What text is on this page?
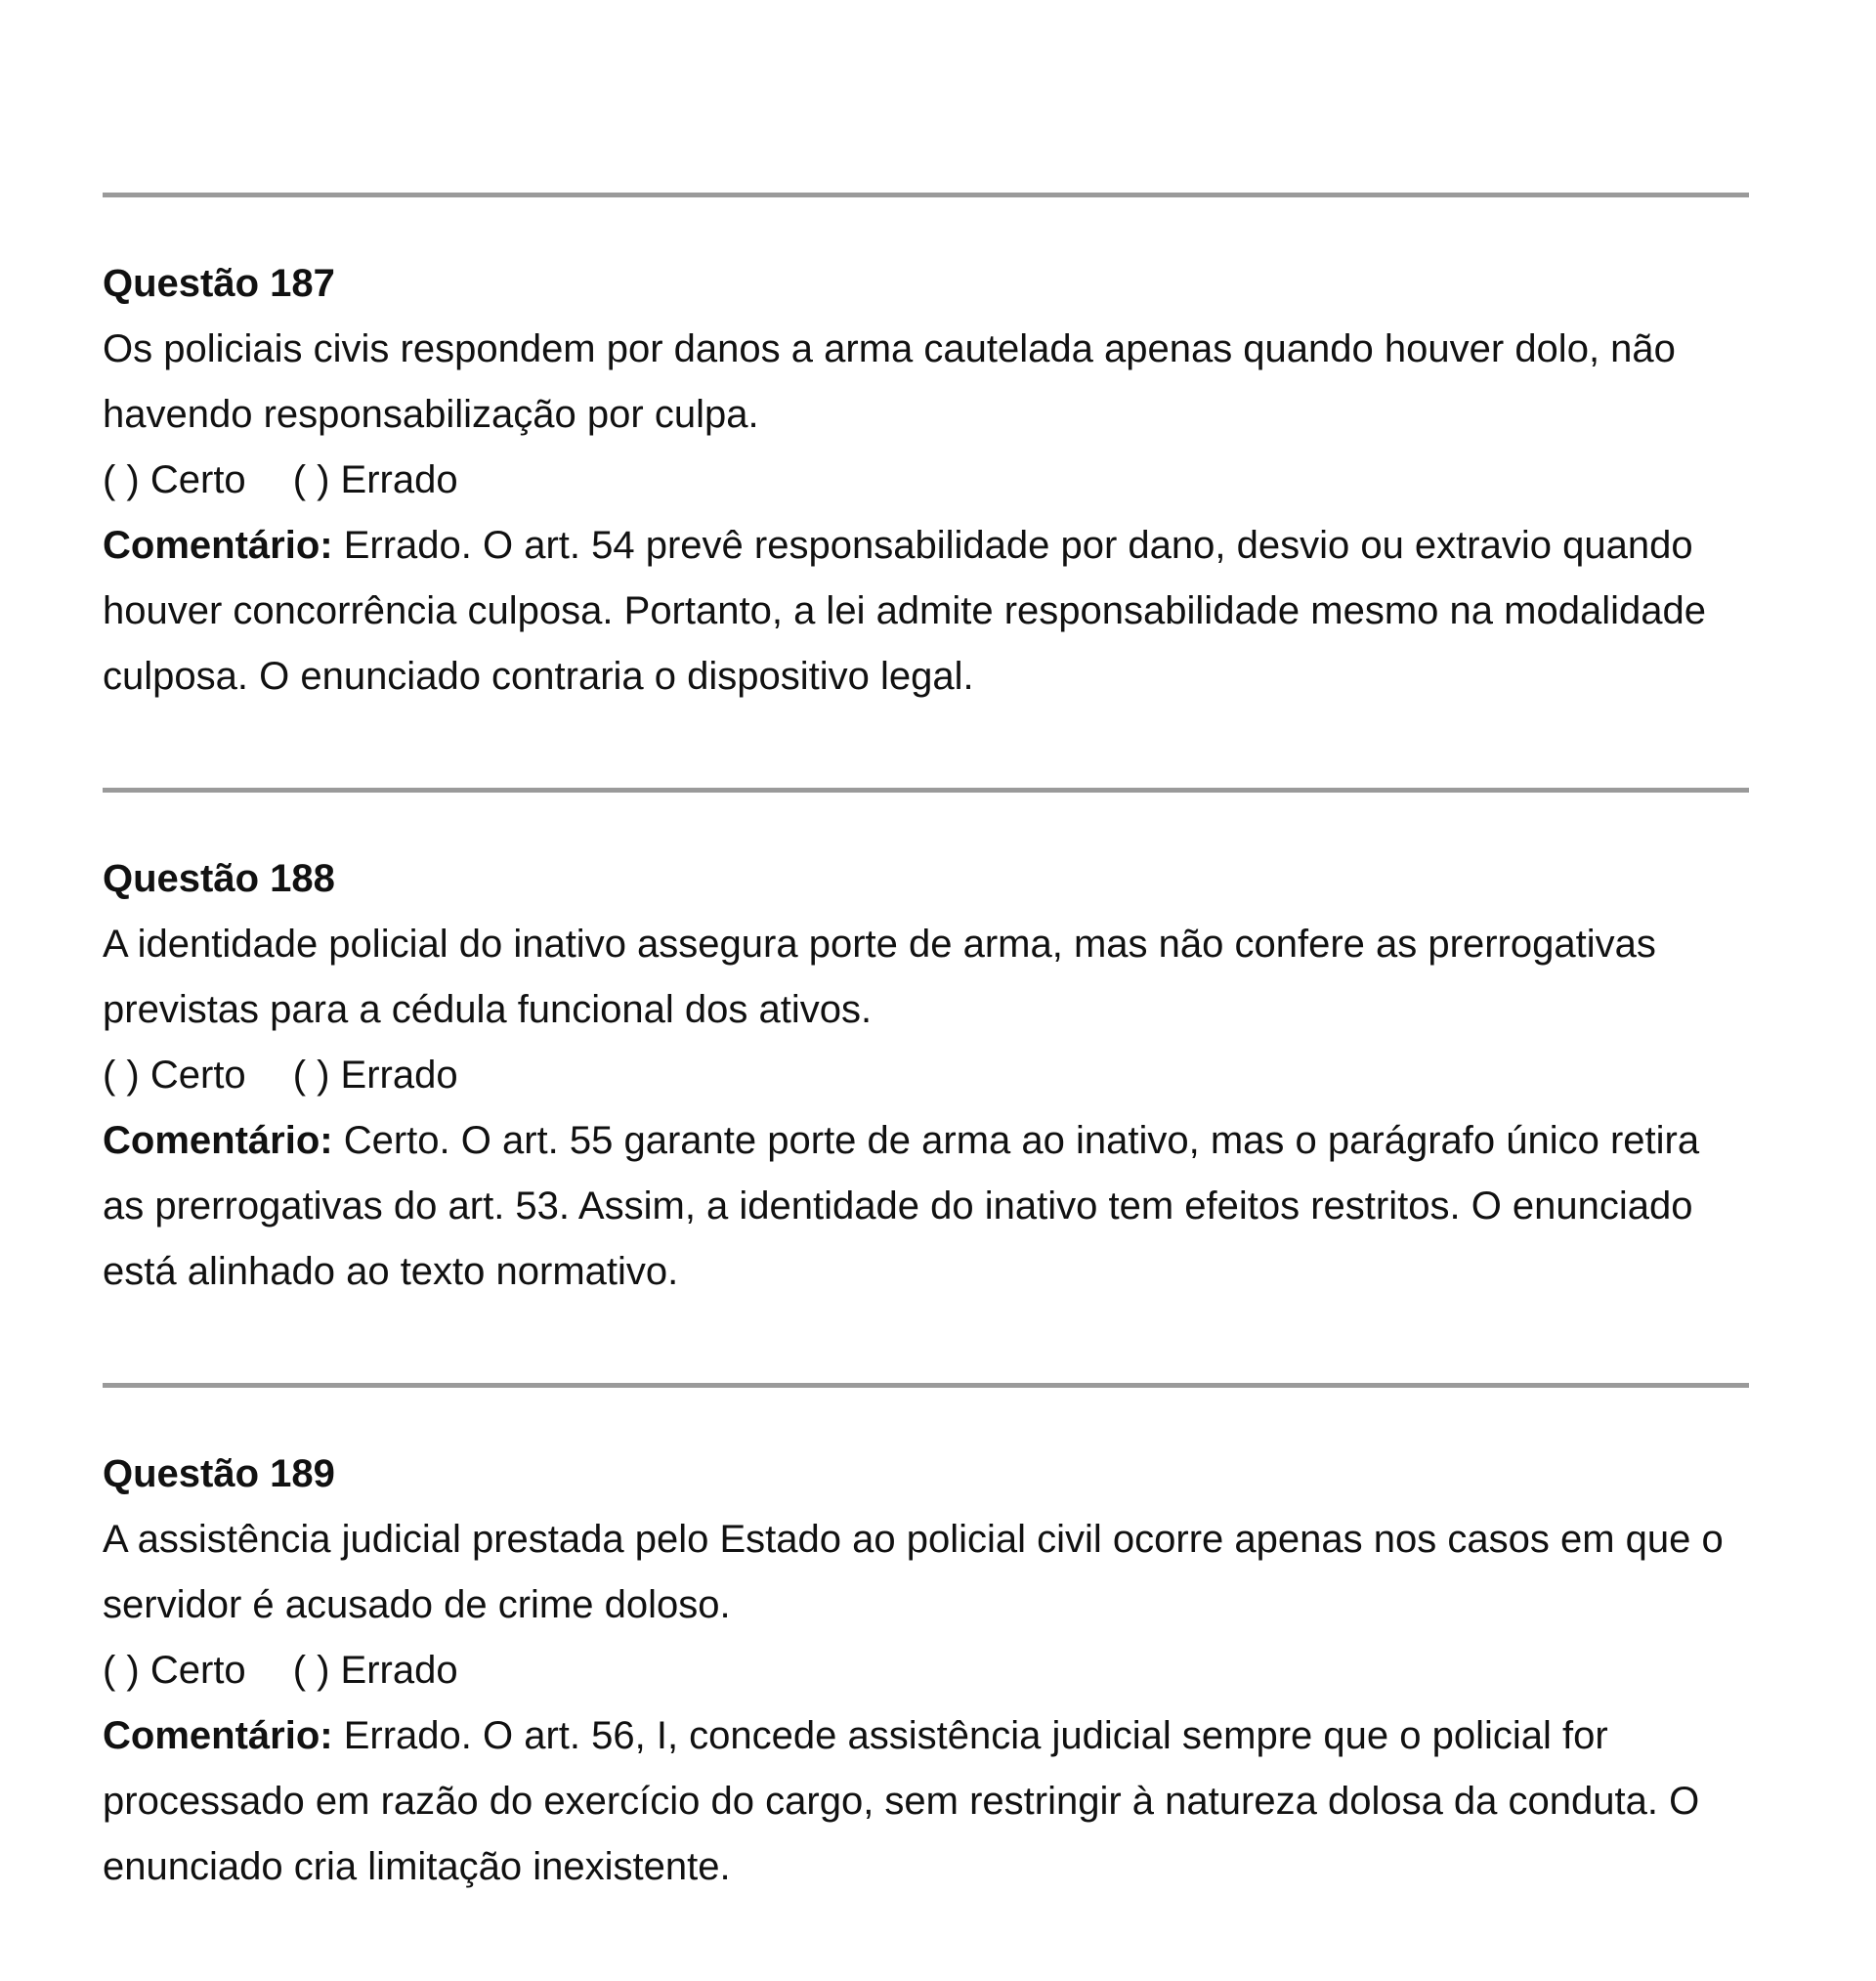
Questão 187

Os policiais civis respondem por danos a arma cautelada apenas quando houver dolo, não havendo responsabilização por culpa.

( ) Certo ( ) Errado

Comentário: Errado. O art. 54 prevê responsabilidade por dano, desvio ou extravio quando houver concorrência culposa. Portanto, a lei admite responsabilidade mesmo na modalidade culposa. O enunciado contraria o dispositivo legal.

Questão 188

A identidade policial do inativo assegura porte de arma, mas não confere as prerrogativas previstas para a cédula funcional dos ativos.

( ) Certo ( ) Errado

Comentário: Certo. O art. 55 garante porte de arma ao inativo, mas o parágrafo único retira as prerrogativas do art. 53. Assim, a identidade do inativo tem efeitos restritos. O enunciado está alinhado ao texto normativo.

Questão 189

A assistência judicial prestada pelo Estado ao policial civil ocorre apenas nos casos em que o servidor é acusado de crime doloso.

( ) Certo ( ) Errado

Comentário: Errado. O art. 56, I, concede assistência judicial sempre que o policial for processado em razão do exercício do cargo, sem restringir à natureza dolosa da conduta. O enunciado cria limitação inexistente.
